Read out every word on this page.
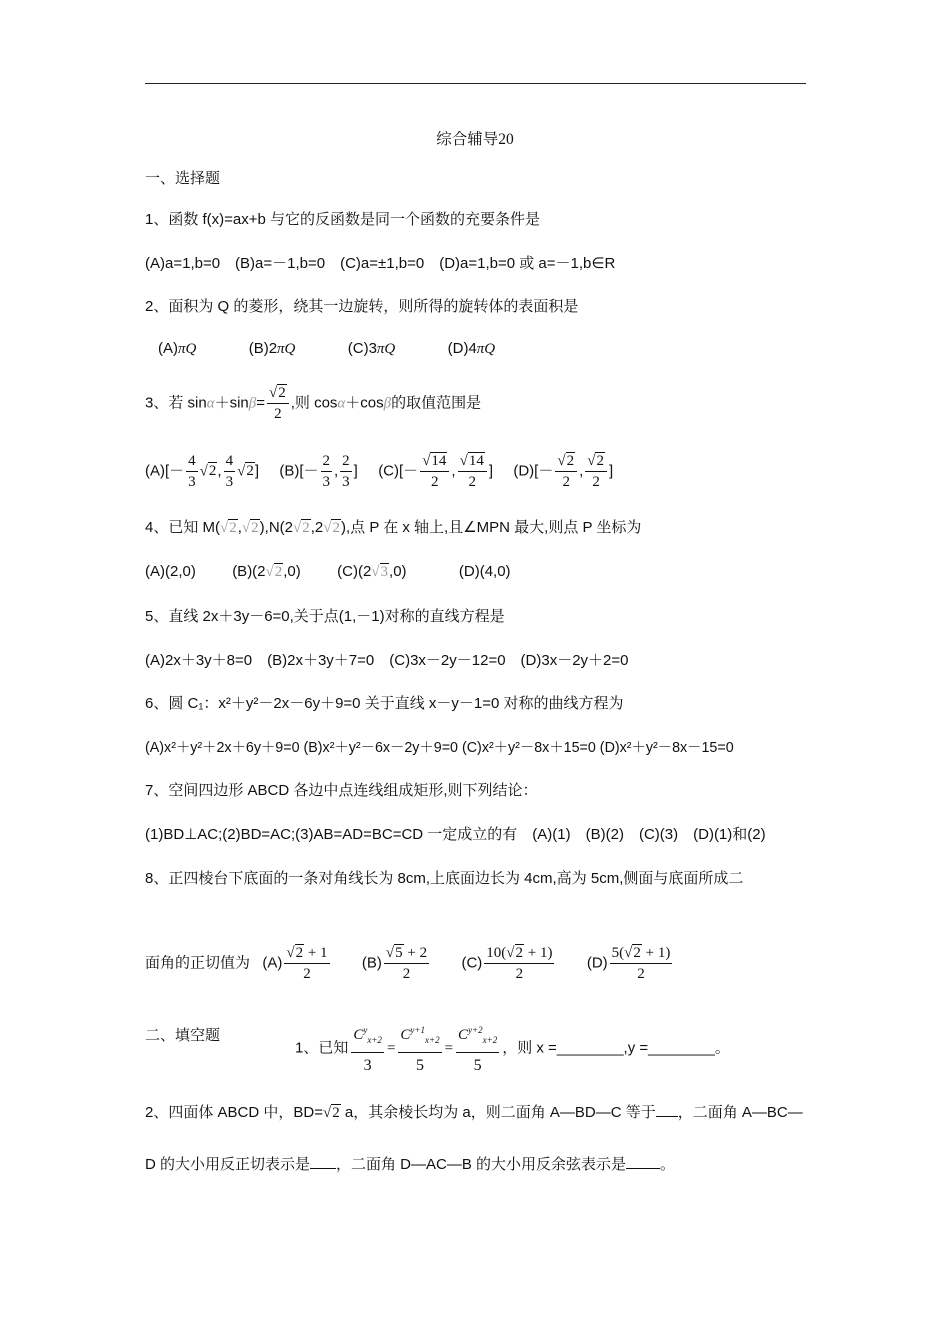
综合辅导20
一、选择题
1、函数 f(x)=ax+b 与它的反函数是同一个函数的充要条件是
(A)a=1,b=0　(B)a=－1,b=0　(C)a=±1,b=0　(D)a=1,b=0 或 a=－1,b∈R
2、面积为 Q 的菱形，绕其一边旋转，则所得的旋转体的表面积是
(A)πQ	(B)2πQ	(C)3πQ	(D)4πQ
3、若 $\sin\alpha+\sin\beta= \frac{√2}{2}$ ,则 cosα＋cosβ的取值范围是
$(A)[- \frac{4}{3} √2$, $\frac{4}{3} √2$] $(B)[- \frac{2}{3}$ , $\frac{2}{3}$ ] $(C)[- \frac{√14}{2}$ , $\frac{√14}{2}$ ] $(D)[- \frac{√2}{2}$ , $\frac{√2}{2}$ ]
4、已知 M(√2,√2),N(2√2,2√2),点 P 在 x 轴上,且∠MPN 最大,则点 P 坐标为
(A)(2,0) (B)(2√2,0) (C)(2√3,0)	(D)(4,0)
5、直线 2x＋3y－6=0,关于点(1,－1)对称的直线方程是
(A)2x＋3y＋8=0　(B)2x＋3y＋7=0　(C)3x－2y－12=0　(D)3x－2y＋2=0
6、圆 C₁：x²＋y²－2x－6y＋9=0 关于直线 x－y－1=0 对称的曲线方程为
(A)x²＋y²＋2x＋6y＋9=0 (B)x²＋y²－6x－2y＋9=0 (C)x²＋y²－8x＋15=0 (D)x²＋y²－8x－15=0
7、空间四边形 ABCD 各边中点连线组成矩形,则下列结论：
(1)BD⊥AC;(2)BD=AC;(3)AB=AD=BC=CD 一定成立的有　(A)(1)　(B)(2)　(C)(3)　(D)(1)和(2)
8、正四棱台下底面的一条对角线长为 8cm,上底面边长为 4cm,高为 5cm,侧面与底面所成二
面角的正切值为 $(A) \frac{√2 + 1}{2} (B) \frac{√5 + 2}{2} (C) \frac{10(√2 + 1)}{2} (D) \frac{5(√2 + 1)}{2}$
二、填空题
1、已知 $\frac{C^y_{x+2}}{3} = \frac{C^{y+1}_{x+2}}{5} = \frac{C^{y+2}_{x+2}}{5}$ ，则 x =________,y =________。
2、四面体 ABCD 中，BD=√2 a，其余棱长均为 a，则二面角 A—BD—C 等于 ，二面角 A—BC—
D 的大小用反正切表示是 ，二面角 D—AC—B 的大小用反余弦表示是 。
